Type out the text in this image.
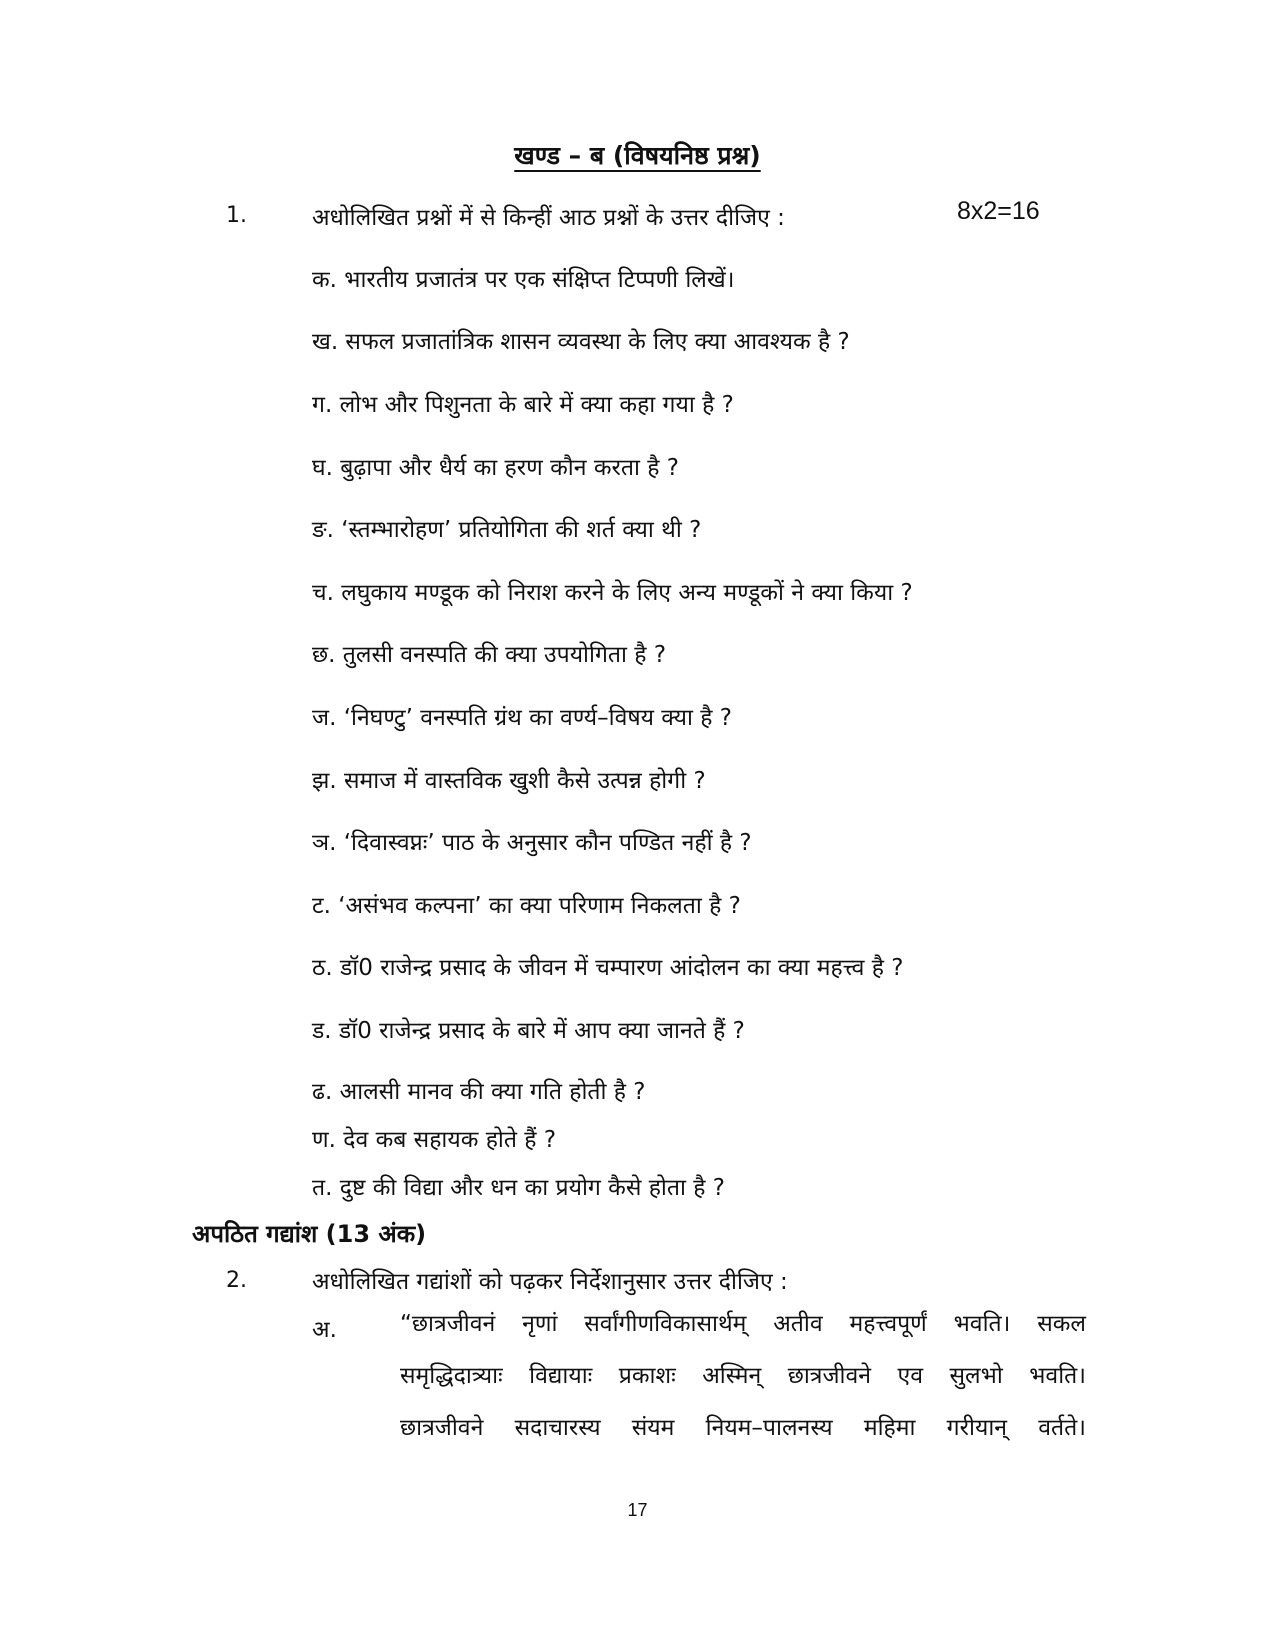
खण्ड – ब (विषयनिष्ठ प्रश्न)
1.	अधोलिखित प्रश्नों में से किन्हीं आठ प्रश्नों के उत्तर दीजिए :	8x2=16
क. भारतीय प्रजातंत्र पर एक संक्षिप्त टिप्पणी लिखें।
ख. सफल प्रजातांत्रिक शासन व्यवस्था के लिए क्या आवश्यक है ?
ग. लोभ और पिशुनता के बारे में क्या कहा गया है ?
घ. बुढ़ापा और धैर्य का हरण कौन करता है ?
ङ. ‘स्तम्भारोहण’ प्रतियोगिता की शर्त क्या थी ?
च. लघुकाय मण्डूक को निराश करने के लिए अन्य मण्डूकों ने क्या किया ?
छ. तुलसी वनस्पति की क्या उपयोगिता है ?
ज. ‘निघण्टु’ वनस्पति ग्रंथ का वर्ण्य–विषय क्या है ?
झ. समाज में वास्तविक खुशी कैसे उत्पन्न होगी ?
ञ. ‘दिवास्वप्नः’ पाठ के अनुसार कौन पण्डित नहीं है ?
ट. ‘असंभव कल्पना’ का क्या परिणाम निकलता है ?
ठ. डॉ0 राजेन्द्र प्रसाद के जीवन में चम्पारण आंदोलन का क्या महत्त्व है ?
ड. डॉ0 राजेन्द्र प्रसाद के बारे में आप क्या जानते हैं ?
ढ. आलसी मानव की क्या गति होती है ?
ण. देव कब सहायक होते हैं ?
त. दुष्ट की विद्या और धन का प्रयोग कैसे होता है ?
अपठित गद्यांश (13 अंक)
2.	अधोलिखित गद्यांशों को पढ़कर निर्देशानुसार उत्तर दीजिए :
अ.	“छात्रजीवनं नृणां सर्वांगीणविकासार्थम् अतीव महत्त्वपूर्णं भवति। सकल
समृद्धिदात्र्याः विद्यायाः प्रकाशः अस्मिन् छात्रजीवने एव सुलभो भवति।
छात्रजीवने सदाचारस्य संयम नियम–पालनस्य महिमा गरीयान् वर्तते।
17
